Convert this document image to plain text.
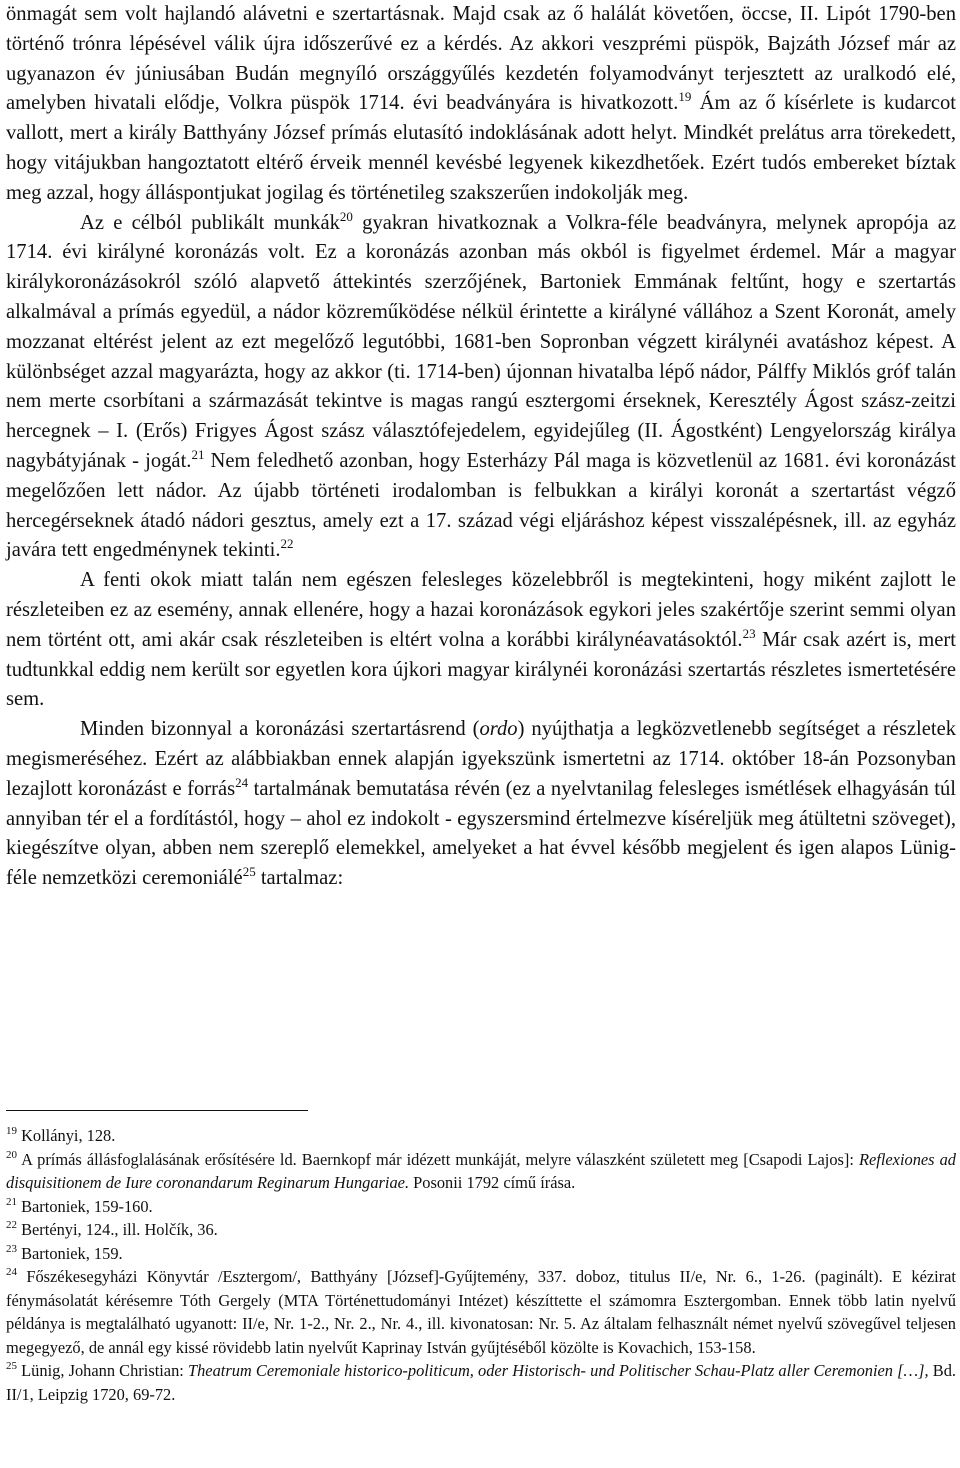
önmagát sem volt hajlandó alávetni e szertartásnak. Majd csak az ő halálát követően, öccse, II. Lipót 1790-ben történő trónra lépésével válik újra időszerűvé ez a kérdés. Az akkori veszprémi püspök, Bajzáth József már az ugyanazon év júniusában Budán megnyíló országgyűlés kezdetén folyamodványt terjesztett az uralkodó elé, amelyben hivatali elődje, Volkra püspök 1714. évi beadványára is hivatkozott.$^{19}$ Ám az ő kísérlete is kudarcot vallott, mert a király Batthyány József prímás elutasító indoklásának adott helyt. Mindkét prelátus arra törekedett, hogy vitájukban hangoztatott eltérő érveik mennél kevésbé legyenek kikezdhetőek. Ezért tudós embereket bíztak meg azzal, hogy álláspontjukat jogilag és történetileg szakszerűen indokolják meg.

Az e célból publikált munkák$^{20}$ gyakran hivatkoznak a Volkra-féle beadványra, melynek apropója az 1714. évi királyné koronázás volt. Ez a koronázás azonban más okból is figyelmet érdemel. Már a magyar királykoronázásokról szóló alapvető áttekintés szerzőjének, Bartoniek Emmának feltűnt, hogy e szertartás alkalmával a prímás egyedül, a nádor közreműködése nélkül érintette a királyné vállához a Szent Koronát, amely mozzanat eltérést jelent az ezt megelőző legutóbbi, 1681-ben Sopronban végzett királynéi avatáshoz képest. A különbséget azzal magyarázta, hogy az akkor (ti. 1714-ben) újonnan hivatalba lépő nádor, Pálffy Miklós gróf talán nem merte csorbítani a származását tekintve is magas rangú esztergomi érseknek, Keresztély Ágost szász-zeitzi hercegnek – I. (Erős) Frigyes Ágost szász választófejedelem, egyidejűleg (II. Ágostként) Lengyelország királya nagybátyjának - jogát.$^{21}$ Nem feledhető azonban, hogy Esterházy Pál maga is közvetlenül az 1681. évi koronázást megelőzően lett nádor. Az újabb történeti irodalomban is felbukkan a királyi koronát a szertartást végző hercegérseknek átadó nádori gesztus, amely ezt a 17. század végi eljáráshoz képest visszalépésnek, ill. az egyház javára tett engedménynek tekinti.$^{22}$

A fenti okok miatt talán nem egészen felesleges közelebbről is megtekinteni, hogy miként zajlott le részleteiben ez az esemény, annak ellenére, hogy a hazai koronázások egykori jeles szakértője szerint semmi olyan nem történt ott, ami akár csak részleteiben is eltért volna a korábbi királynéavatásoktól.$^{23}$ Már csak azért is, mert tudtunkkal eddig nem került sor egyetlen kora újkori magyar királynéi koronázási szertartás részletes ismertetésére sem.

Minden bizonnyal a koronázási szertartásrend (ordo) nyújthatja a legközvetlenebb segítséget a részletek megismeréséhez. Ezért az alábbiakban ennek alapján igyekszünk ismertetni az 1714. október 18-án Pozsonyban lezajlott koronázást e forrás$^{24}$ tartalmának bemutatása révén (ez a nyelvtanilag felesleges ismétlések elhagyásán túl annyiban tér el a fordítástól, hogy – ahol ez indokolt - egyszersmind értelmezve kíséreljük meg átültetni szöveget), kiegészítve olyan, abben nem szereplő elemekkel, amelyeket a hat évvel később megjelent és igen alapos Lünig-féle nemzetközi ceremoniálé$^{25}$ tartalmaz:

$^{19}$ Kollányi, 128.

$^{20}$ A prímás állásfoglalásának erősítésére ld. Baernkopf már idézett munkáját, melyre válaszként született meg [Csapodi Lajos]: Reflexiones ad disquisitionem de Iure coronandarum Reginarum Hungariae. Posonii 1792 című írása.

$^{21}$ Bartoniek, 159-160.

$^{22}$ Bertényi, 124., ill. Holčík, 36.

$^{23}$ Bartoniek, 159.

$^{24}$ Főszékesegyházi Könyvtár /Esztergom/, Batthyány [József]-Gyűjtemény, 337. doboz, titulus II/e, Nr. 6., 1-26. (paginált). E kézirat fénymásolatát kérésemre Tóth Gergely (MTA Történettudományi Intézet) készíttette el számomra Esztergomban. Ennek több latin nyelvű példánya is megtalálható ugyanott: II/e, Nr. 1-2., Nr. 2., Nr. 4., ill. kivonatosan: Nr. 5. Az általam felhasznált német nyelvű szövegűvel teljesen megegyező, de annál egy kissé rövidebb latin nyelvűt Kaprinay István gyűjtéséből közölte is Kovachich, 153-158.

$^{25}$ Lünig, Johann Christian: Theatrum Ceremoniale historico-politicum, oder Historisch- und Politischer Schau-Platz aller Ceremonien […], Bd. II/1, Leipzig 1720, 69-72.
